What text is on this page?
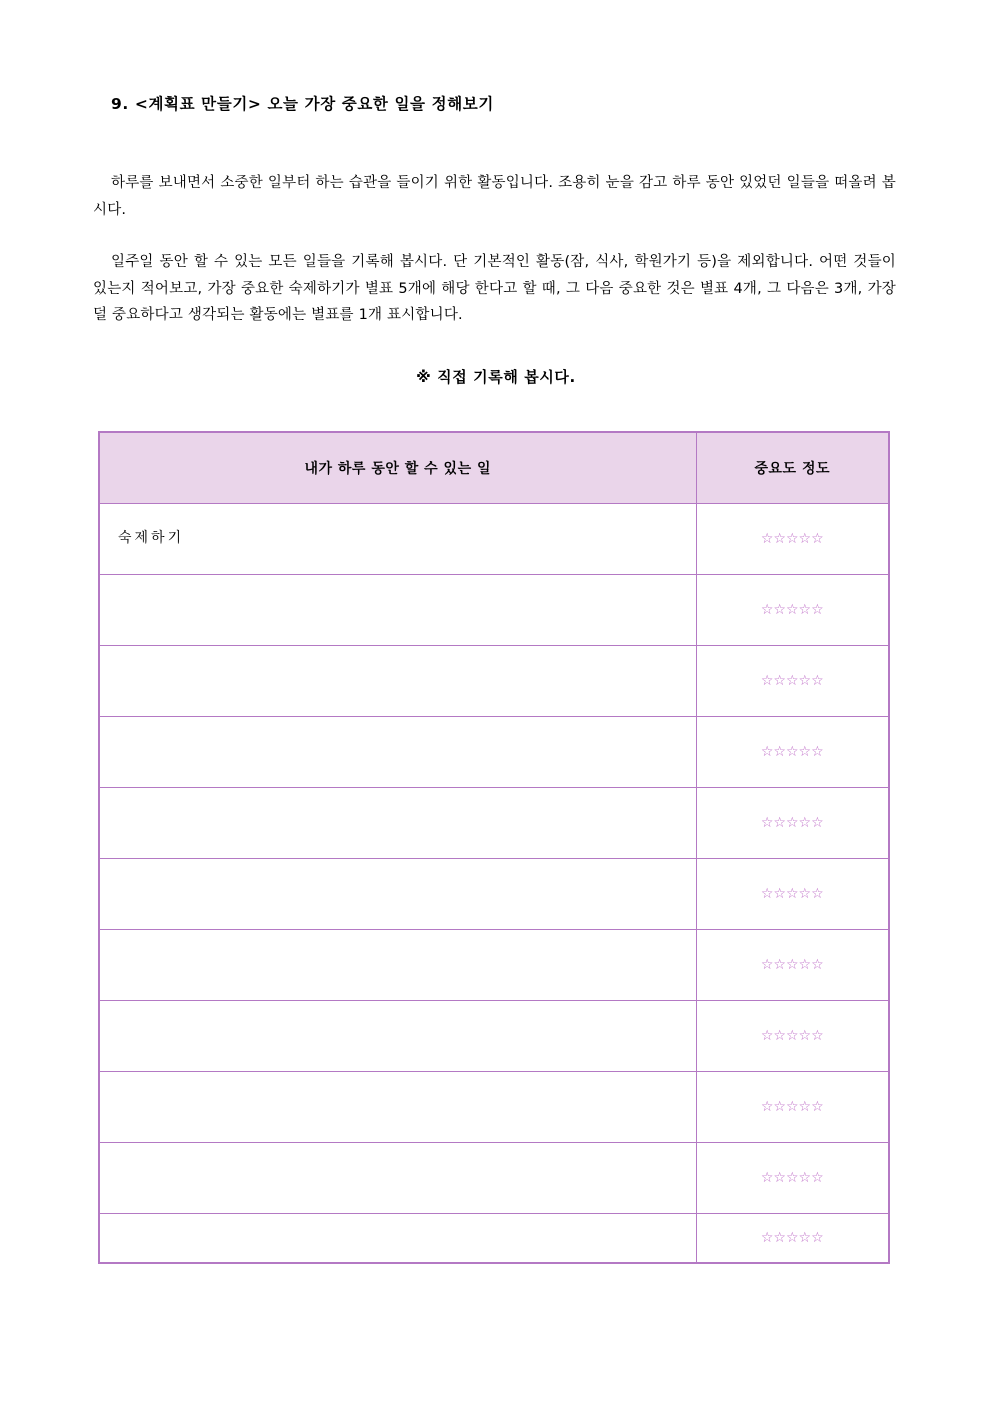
9. <계획표 만들기> 오늘 가장 중요한 일을 정해보기
하루를 보내면서 소중한 일부터 하는 습관을 들이기 위한 활동입니다. 조용히 눈을 감고 하루 동안 있었던 일들을 떠올려 봅시다.
일주일 동안 할 수 있는 모든 일들을 기록해 봅시다. 단 기본적인 활동(잠, 식사, 학원가기 등)을 제외합니다. 어떤 것들이 있는지 적어보고, 가장 중요한 숙제하기가 별표 5개에 해당 한다고 할 때, 그 다음 중요한 것은 별표 4개, 그 다음은 3개, 가장 덜 중요하다고 생각되는 활동에는 별표를 1개 표시합니다.
※ 직접 기록해 봅시다.
내가 하루 동안 할 수 있는 일	중요도 정도
숙제하기	☆☆☆☆☆
	☆☆☆☆☆
	☆☆☆☆☆
	☆☆☆☆☆
	☆☆☆☆☆
	☆☆☆☆☆
	☆☆☆☆☆
	☆☆☆☆☆
	☆☆☆☆☆
	☆☆☆☆☆
	☆☆☆☆☆
